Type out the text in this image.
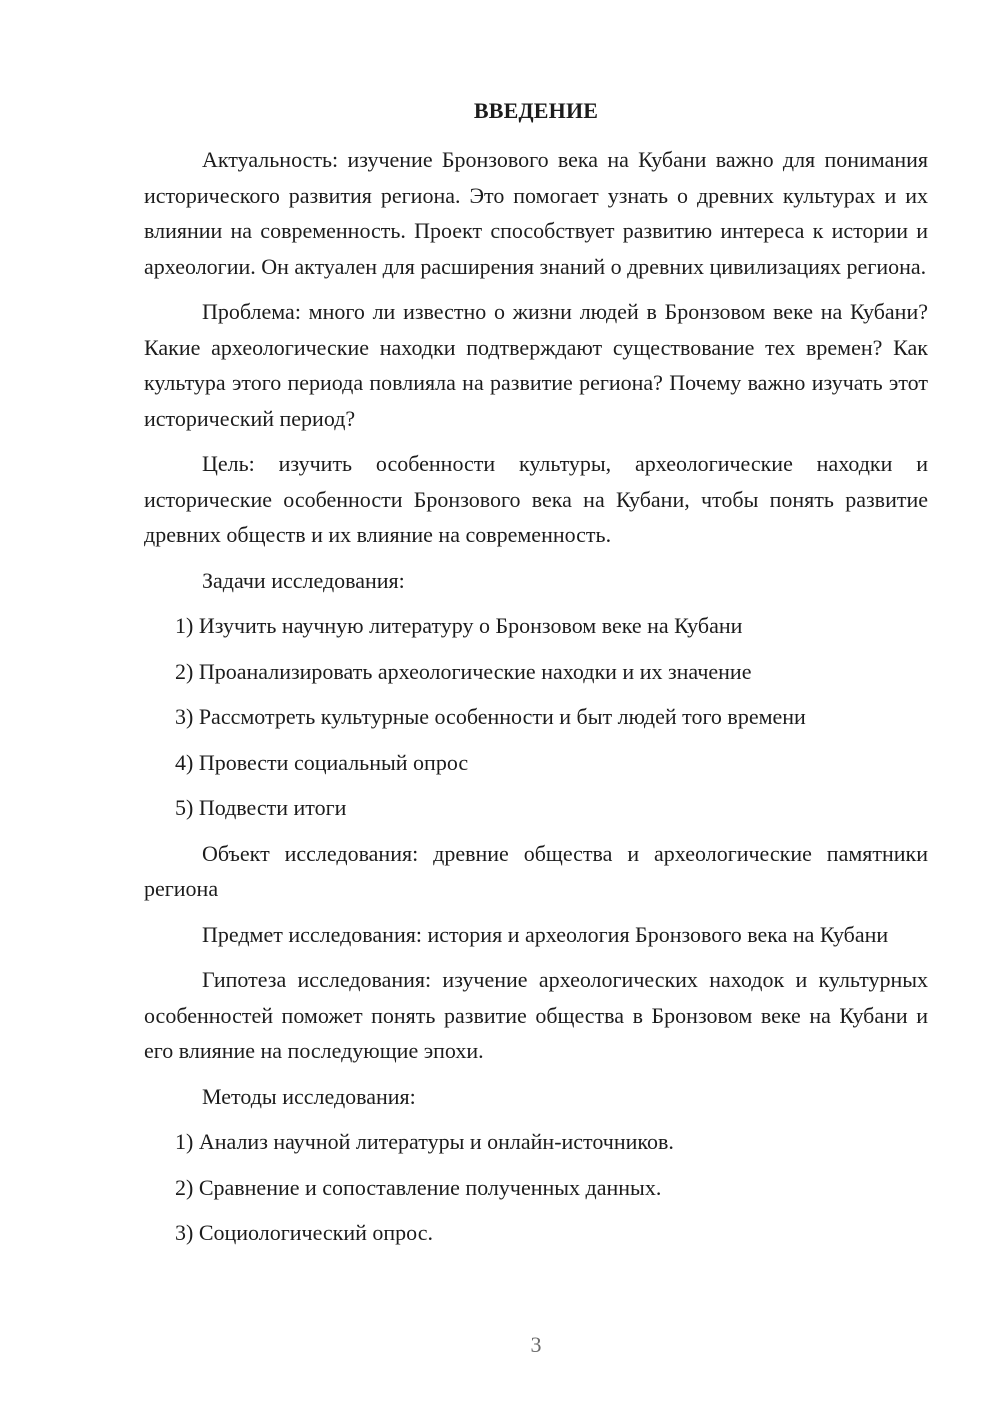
ВВЕДЕНИЕ

Актуальность: изучение Бронзового века на Кубани важно для понимания исторического развития региона. Это помогает узнать о древних культурах и их влиянии на современность. Проект способствует развитию интереса к истории и археологии. Он актуален для расширения знаний о древних цивилизациях региона.

Проблема: много ли известно о жизни людей в Бронзовом веке на Кубани? Какие археологические находки подтверждают существование тех времен? Как культура этого периода повлияла на развитие региона? Почему важно изучать этот исторический период?

Цель: изучить особенности культуры, археологические находки и исторические особенности Бронзового века на Кубани, чтобы понять развитие древних обществ и их влияние на современность.

Задачи исследования:

1) Изучить научную литературу о Бронзовом веке на Кубани

2) Проанализировать археологические находки и их значение

3) Рассмотреть культурные особенности и быт людей того времени

4) Провести социальный опрос

5) Подвести итоги

Объект исследования: древние общества и археологические памятники региона

Предмет исследования: история и археология Бронзового века на Кубани

Гипотеза исследования: изучение археологических находок и культурных особенностей поможет понять развитие общества в Бронзовом веке на Кубани и его влияние на последующие эпохи.

Методы исследования:

1) Анализ научной литературы и онлайн-источников.

2) Сравнение и сопоставление полученных данных.

3) Социологический опрос.

3
